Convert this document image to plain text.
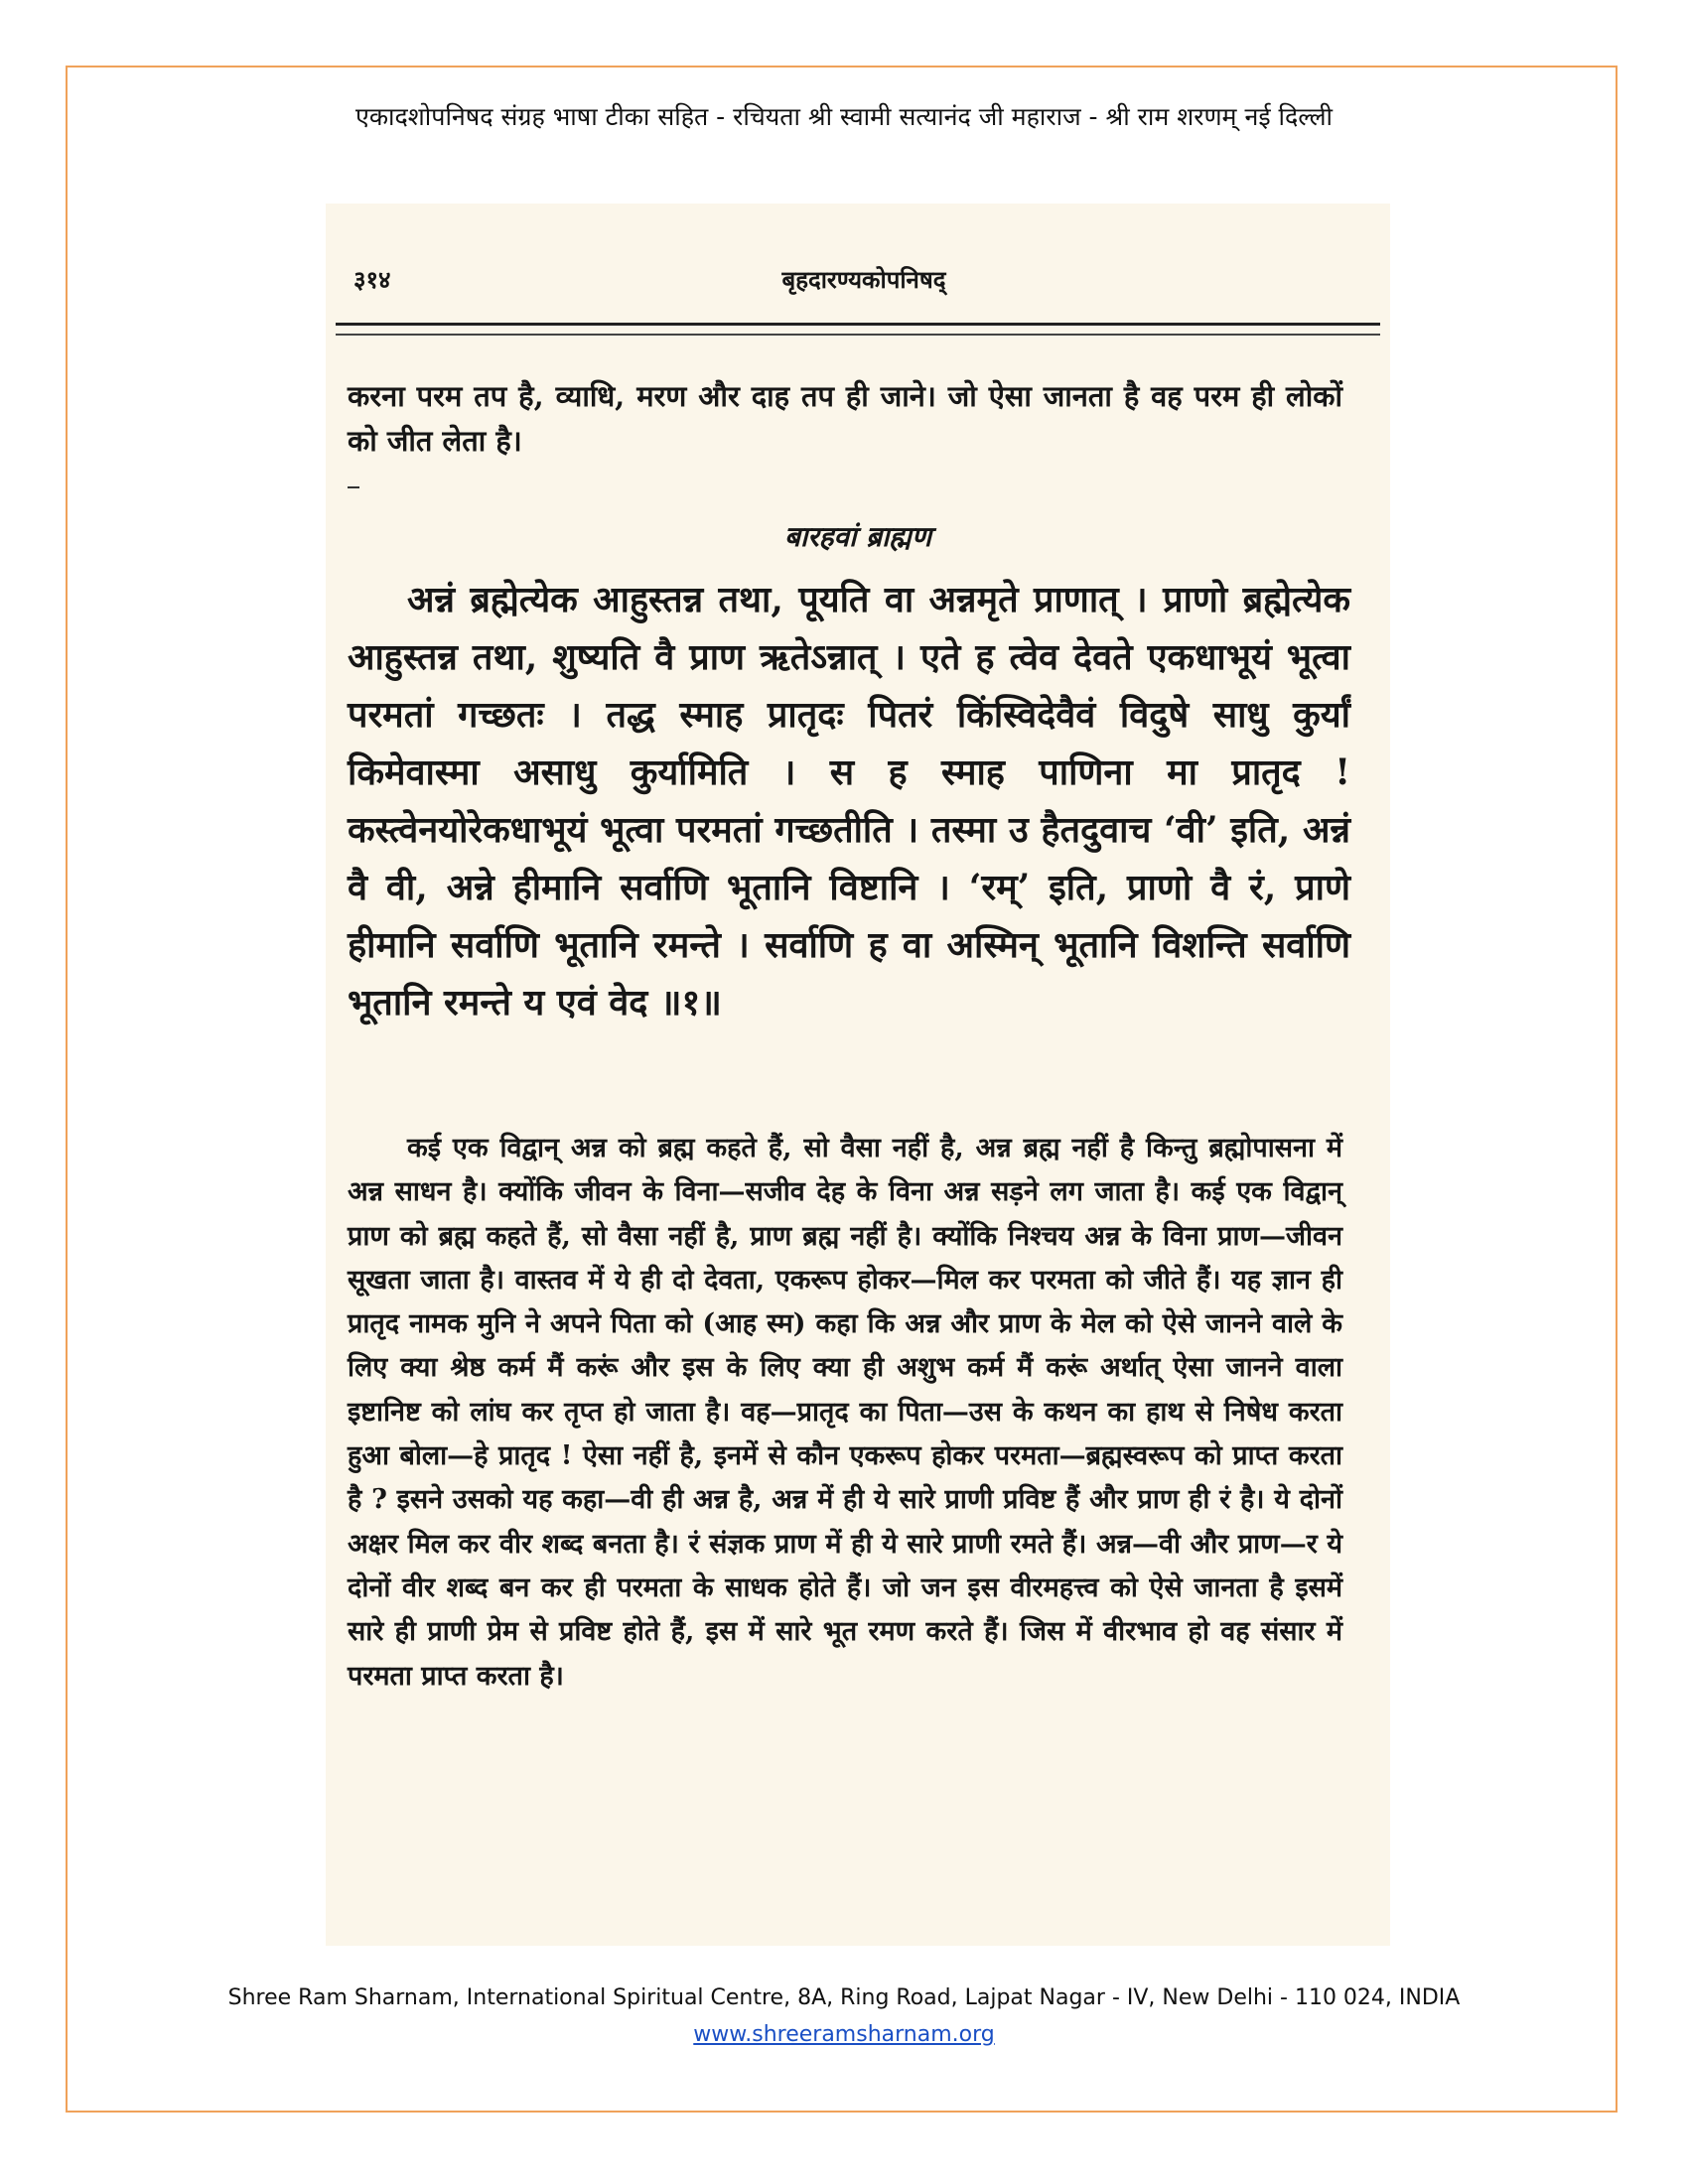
एकादशोपनिषद संग्रह भाषा टीका सहित - रचियता श्री स्वामी सत्यानंद जी महाराज - श्री राम शरणम् नई दिल्ली
३१४	बृहदारण्यकोपनिषद्
करना परम तप है, व्याधि, मरण और दाह तप ही जाने। जो ऐसा जानता है वह परम ही लोकों को जीत लेता है।
बारहवां ब्राह्मण
अन्नं ब्रह्मेत्येक आहुस्तन्न तथा, पूयति वा अन्नमृते प्राणात् । प्राणो ब्रह्मेत्येक आहुस्तन्न तथा, शुष्यति वै प्राण ऋतेऽन्नात् । एते ह त्वेव देवते एकधाभूयं भूत्वा परमतां गच्छतः । तद्ध स्माह प्रातृदः पितरं किंस्विदेवैवं विदुषे साधु कुर्यां किमेवास्मा असाधु कुर्यामिति । स ह स्माह पाणिना मा प्रातृद ! कस्त्वेनयोरेकधाभूयं भूत्वा परमतां गच्छतीति । तस्मा उ हैतदुवाच ‘वी’ इति, अन्नं वै वी, अन्ने हीमानि सर्वाणि भूतानि विष्टानि । ‘रम्’ इति, प्राणो वै रं, प्राणे हीमानि सर्वाणि भूतानि रमन्ते । सर्वाणि ह वा अस्मिन् भूतानि विशन्ति सर्वाणि भूतानि रमन्ते य एवं वेद ॥१॥
कई एक विद्वान् अन्न को ब्रह्म कहते हैं, सो वैसा नहीं है, अन्न ब्रह्म नहीं है किन्तु ब्रह्मोपासना में अन्न साधन है। क्योंकि जीवन के विना—सजीव देह के विना अन्न सड़ने लग जाता है। कई एक विद्वान् प्राण को ब्रह्म कहते हैं, सो वैसा नहीं है, प्राण ब्रह्म नहीं है। क्योंकि निश्चय अन्न के विना प्राण—जीवन सूखता जाता है। वास्तव में ये ही दो देवता, एकरूप होकर—मिल कर परमता को जीते हैं। यह ज्ञान ही प्रातृद नामक मुनि ने अपने पिता को (आह स्म) कहा कि अन्न और प्राण के मेल को ऐसे जानने वाले के लिए क्या श्रेष्ठ कर्म मैं करूं और इस के लिए क्या ही अशुभ कर्म मैं करूं अर्थात् ऐसा जानने वाला इष्टानिष्ट को लांघ कर तृप्त हो जाता है। वह—प्रातृद का पिता—उस के कथन का हाथ से निषेध करता हुआ बोला—हे प्रातृद ! ऐसा नहीं है, इनमें से कौन एकरूप होकर परमता—ब्रह्मस्वरूप को प्राप्त करता है ? इसने उसको यह कहा—वी ही अन्न है, अन्न में ही ये सारे प्राणी प्रविष्ट हैं और प्राण ही रं है। ये दोनों अक्षर मिल कर वीर शब्द बनता है। रं संज्ञक प्राण में ही ये सारे प्राणी रमते हैं। अन्न—वी और प्राण—र ये दोनों वीर शब्द बन कर ही परमता के साधक होते हैं। जो जन इस वीरमहत्त्व को ऐसे जानता है इसमें सारे ही प्राणी प्रेम से प्रविष्ट होते हैं, इस में सारे भूत रमण करते हैं। जिस में वीरभाव हो वह संसार में परमता प्राप्त करता है।
Shree Ram Sharnam, International Spiritual Centre, 8A, Ring Road, Lajpat Nagar - IV, New Delhi - 110 024, INDIA
www.shreeramsharnam.org
